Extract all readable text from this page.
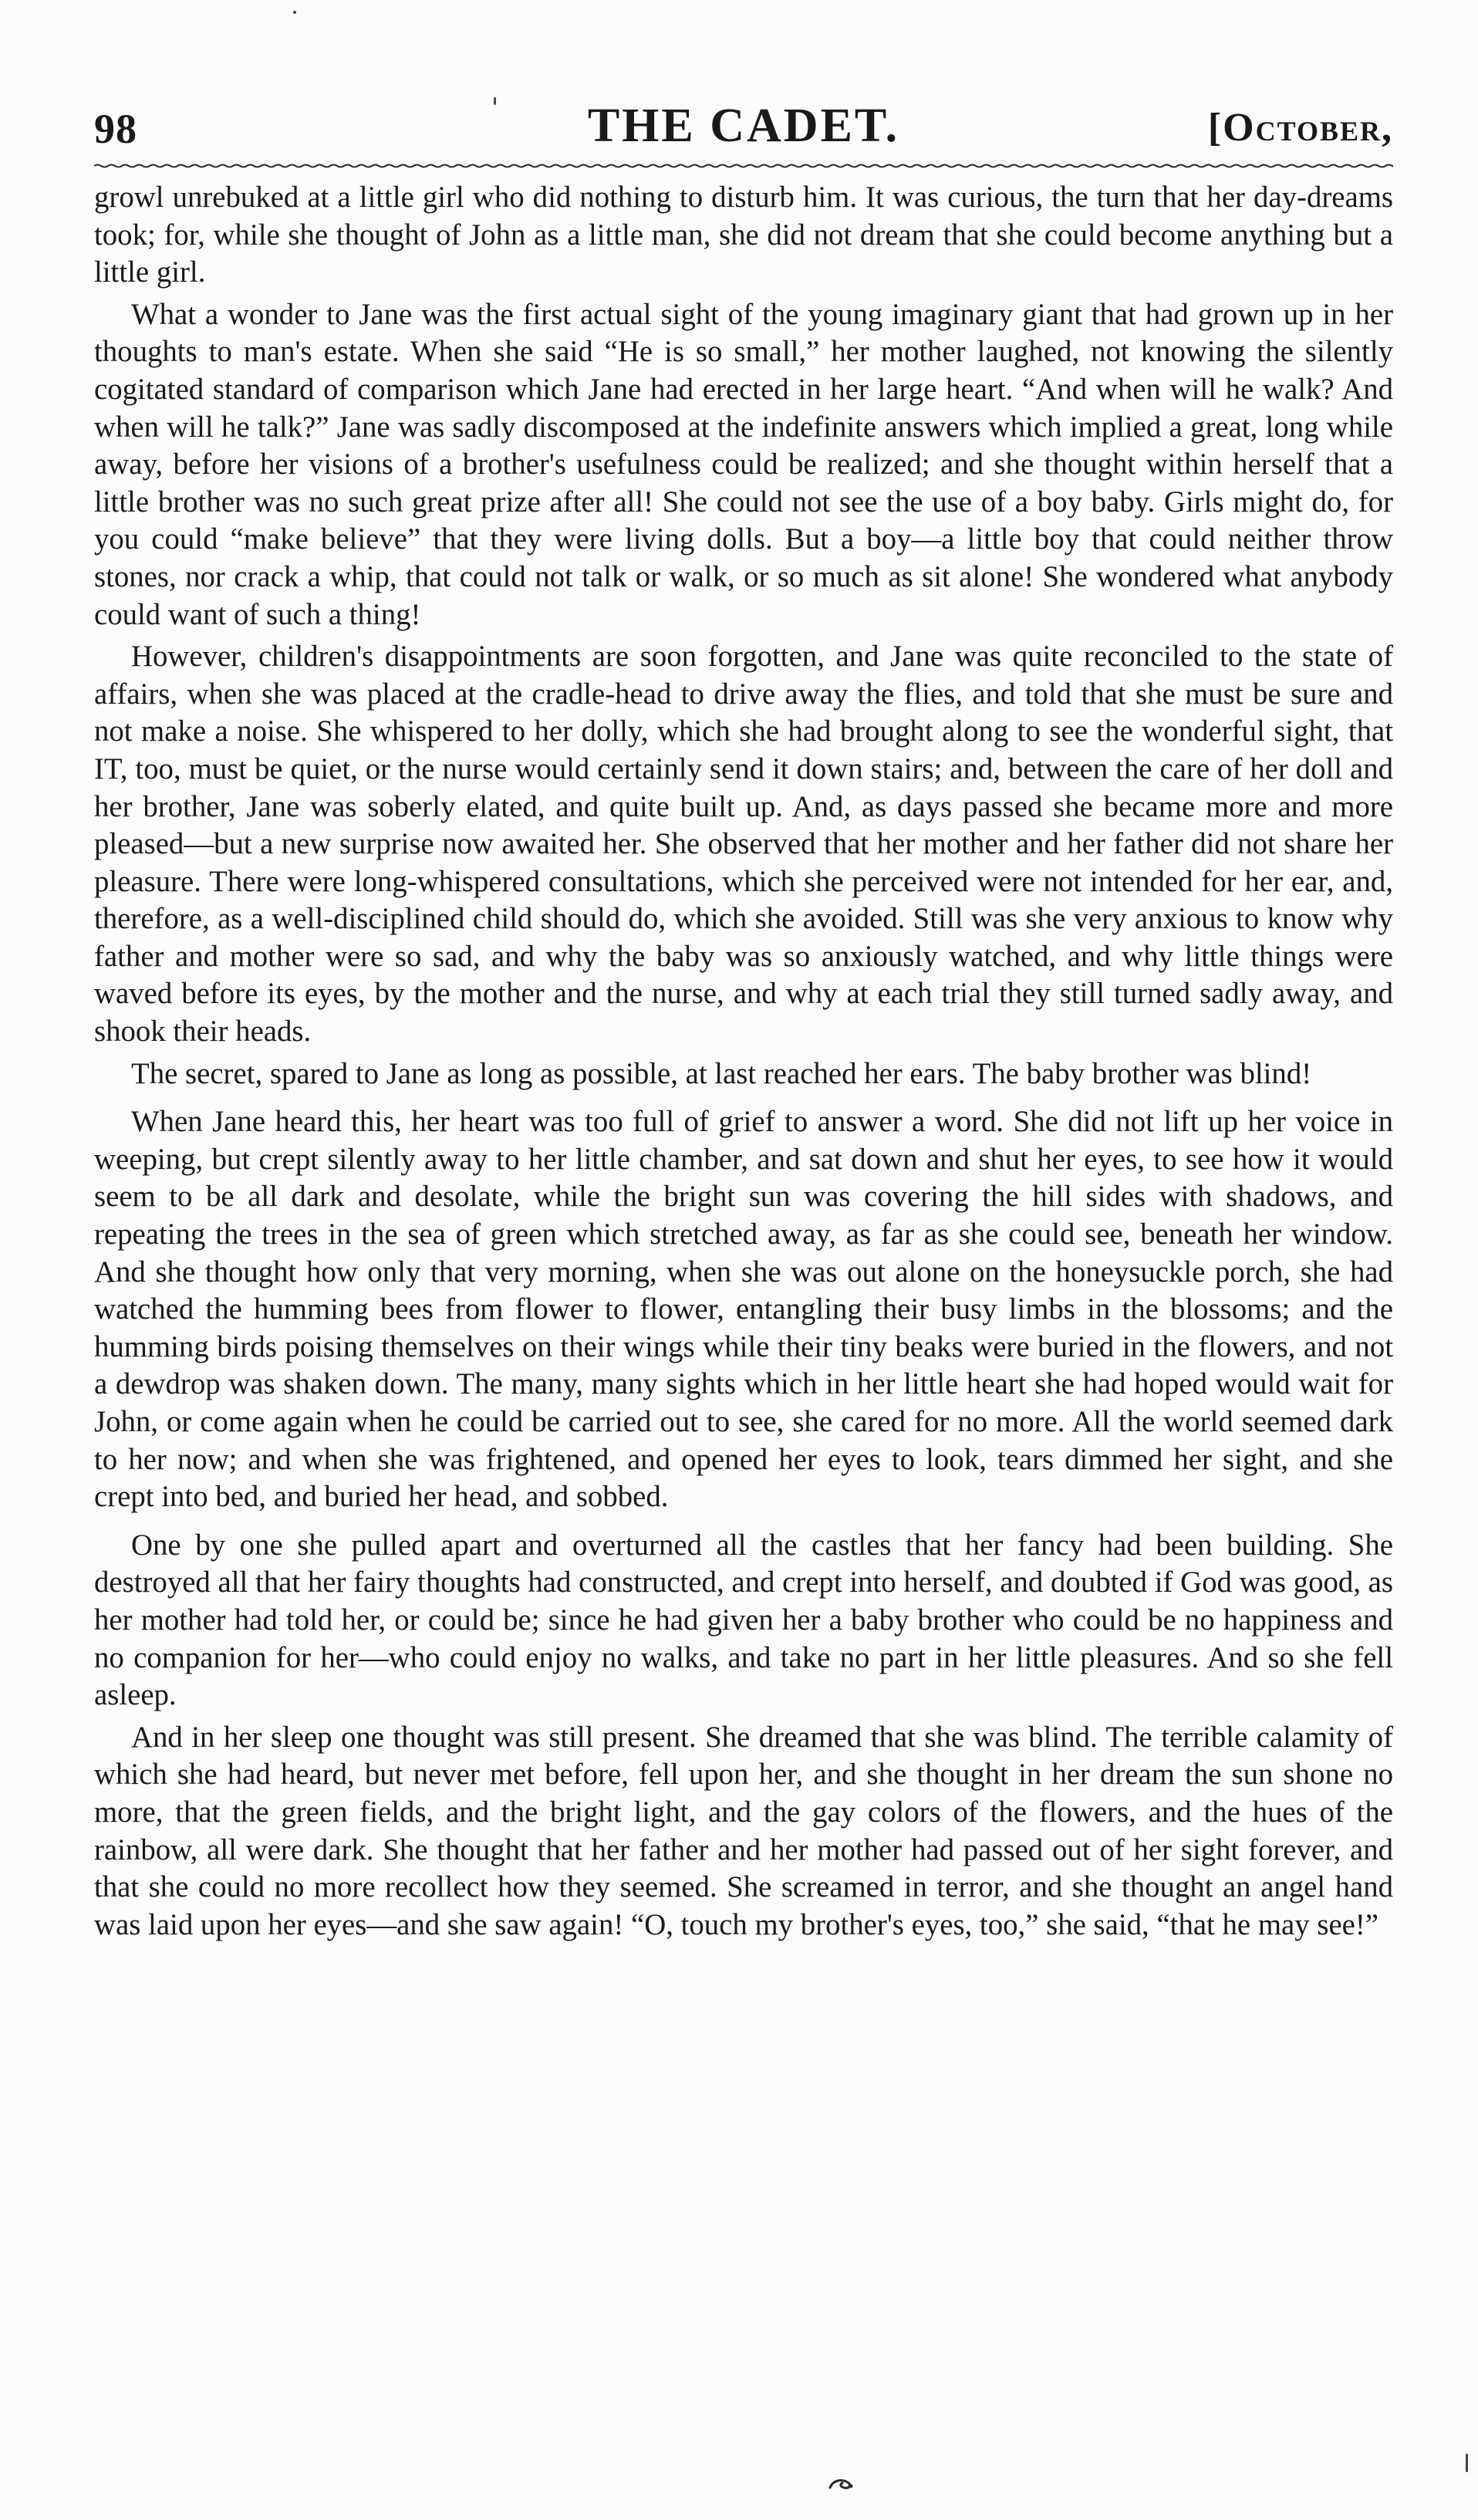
98	THE CADET.	[October,

growl unrebuked at a little girl who did nothing to disturb him. It was curious, the turn that her day-dreams took; for, while she thought of John as a little man, she did not dream that she could become anything but a little girl.

What a wonder to Jane was the first actual sight of the young imaginary giant that had grown up in her thoughts to man's estate. When she said “He is so small,” her mother laughed, not knowing the silently cogitated standard of comparison which Jane had erected in her large heart. “And when will he walk? And when will he talk?” Jane was sadly discomposed at the indefinite answers which implied a great, long while away, before her visions of a brother's usefulness could be realized; and she thought within herself that a little brother was no such great prize after all! She could not see the use of a boy baby. Girls might do, for you could “make believe” that they were living dolls. But a boy—a little boy that could neither throw stones, nor crack a whip, that could not talk or walk, or so much as sit alone! She wondered what anybody could want of such a thing!

However, children's disappointments are soon forgotten, and Jane was quite reconciled to the state of affairs, when she was placed at the cradle-head to drive away the flies, and told that she must be sure and not make a noise. She whispered to her dolly, which she had brought along to see the wonderful sight, that IT, too, must be quiet, or the nurse would certainly send it down stairs; and, between the care of her doll and her brother, Jane was soberly elated, and quite built up. And, as days passed she became more and more pleased—but a new surprise now awaited her. She observed that her mother and her father did not share her pleasure. There were long-whispered consultations, which she perceived were not intended for her ear, and, therefore, as a well-disciplined child should do, which she avoided. Still was she very anxious to know why father and mother were so sad, and why the baby was so anxiously watched, and why little things were waved before its eyes, by the mother and the nurse, and why at each trial they still turned sadly away, and shook their heads.

The secret, spared to Jane as long as possible, at last reached her ears. The baby brother was blind!

When Jane heard this, her heart was too full of grief to answer a word. She did not lift up her voice in weeping, but crept silently away to her little chamber, and sat down and shut her eyes, to see how it would seem to be all dark and desolate, while the bright sun was covering the hill sides with shadows, and repeating the trees in the sea of green which stretched away, as far as she could see, beneath her window. And she thought how only that very morning, when she was out alone on the honeysuckle porch, she had watched the humming bees from flower to flower, entangling their busy limbs in the blossoms; and the humming birds poising themselves on their wings while their tiny beaks were buried in the flowers, and not a dewdrop was shaken down. The many, many sights which in her little heart she had hoped would wait for John, or come again when he could be carried out to see, she cared for no more. All the world seemed dark to her now; and when she was frightened, and opened her eyes to look, tears dimmed her sight, and she crept into bed, and buried her head, and sobbed.

One by one she pulled apart and overturned all the castles that her fancy had been building. She destroyed all that her fairy thoughts had constructed, and crept into herself, and doubted if God was good, as her mother had told her, or could be; since he had given her a baby brother who could be no happiness and no companion for her—who could enjoy no walks, and take no part in her little pleasures. And so she fell asleep.

And in her sleep one thought was still present. She dreamed that she was blind. The terrible calamity of which she had heard, but never met before, fell upon her, and she thought in her dream the sun shone no more, that the green fields, and the bright light, and the gay colors of the flowers, and the hues of the rainbow, all were dark. She thought that her father and her mother had passed out of her sight forever, and that she could no more recollect how they seemed. She screamed in terror, and she thought an angel hand was laid upon her eyes—and she saw again! “O, touch my brother's eyes, too,” she said, “that he may see!”
